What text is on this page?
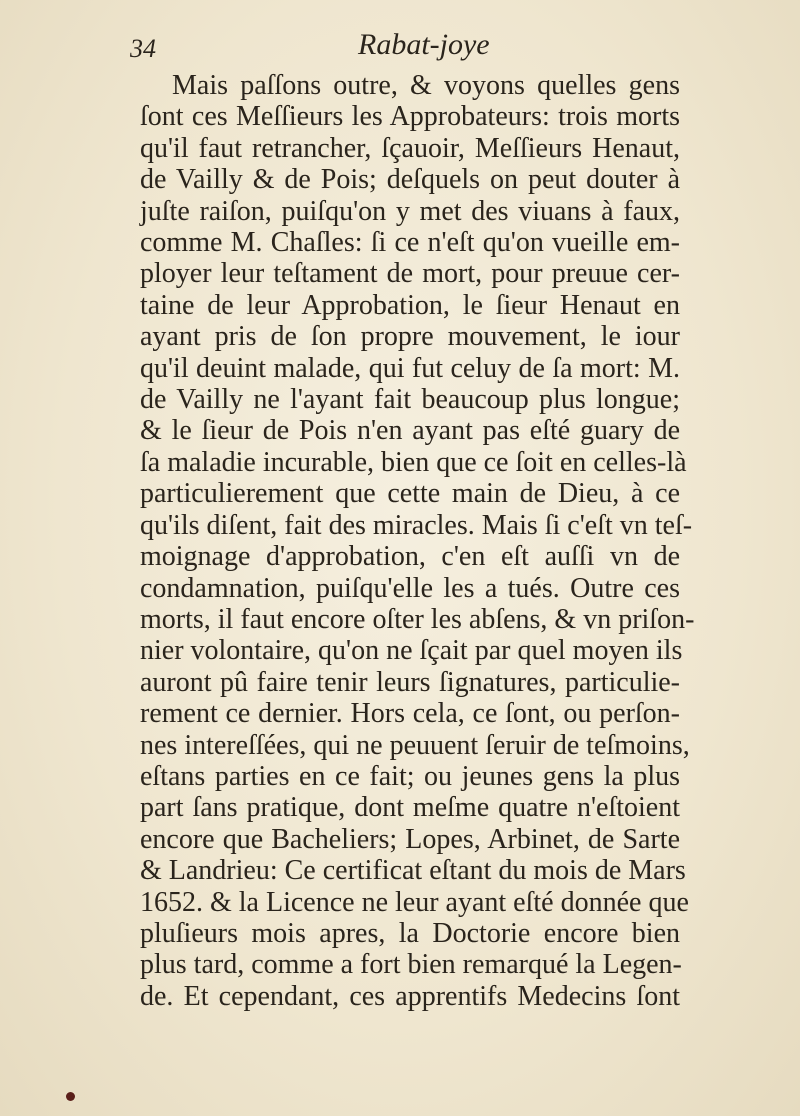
34	Rabat-joye
Mais paſſons outre, & voyons quelles gens
ſont ces Meſſieurs les Approbateurs: trois morts
qu'il faut retrancher, ſçauoir, Meſſieurs Henaut,
de Vailly & de Pois; deſquels on peut douter à
juſte raiſon, puiſqu'on y met des viuans à faux,
comme M. Chaſles: ſi ce n'eſt qu'on vueille em-
ployer leur teſtament de mort, pour preuue cer-
taine de leur Approbation, le ſieur Henaut en
ayant pris de ſon propre mouvement, le iour
qu'il deuint malade, qui fut celuy de ſa mort: M.
de Vailly ne l'ayant fait beaucoup plus longue;
& le ſieur de Pois n'en ayant pas eſté guary de
ſa maladie incurable, bien que ce ſoit en celles-là
particulierement que cette main de Dieu, à ce
qu'ils diſent, fait des miracles. Mais ſi c'eſt vn teſ-
moignage d'approbation, c'en eſt auſſi vn de
condamnation, puiſqu'elle les a tués. Outre ces
morts, il faut encore oſter les abſens, & vn priſon-
nier volontaire, qu'on ne ſçait par quel moyen ils
auront pû faire tenir leurs ſignatures, particulie-
rement ce dernier. Hors cela, ce ſont, ou perſon-
nes intereſſées, qui ne peuuent ſeruir de teſmoins,
eſtans parties en ce fait; ou jeunes gens la plus
part ſans pratique, dont meſme quatre n'eſtoient
encore que Bacheliers; Lopes, Arbinet, de Sarte
& Landrieu: Ce certificat eſtant du mois de Mars
1652. & la Licence ne leur ayant eſté donnée que
pluſieurs mois apres, la Doctorie encore bien
plus tard, comme a fort bien remarqué la Legen-
de. Et cependant, ces apprentifs Medecins ſont
